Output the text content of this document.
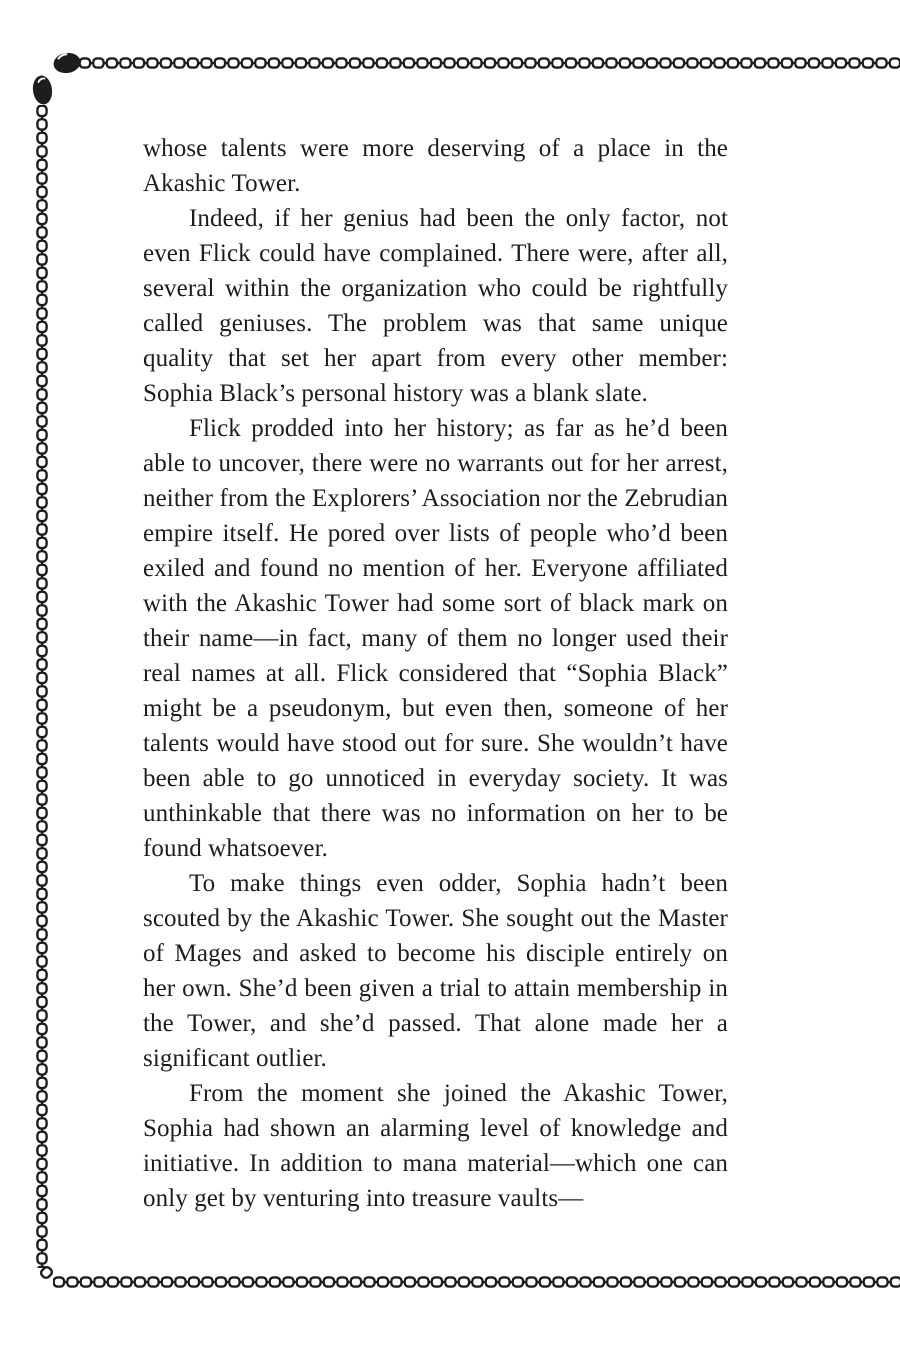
whose talents were more deserving of a place in the Akashic Tower.

Indeed, if her genius had been the only factor, not even Flick could have complained. There were, after all, several within the organization who could be rightfully called geniuses. The problem was that same unique quality that set her apart from every other member: Sophia Black’s personal history was a blank slate.

Flick prodded into her history; as far as he’d been able to uncover, there were no warrants out for her arrest, neither from the Explorers’ Association nor the Zebrudian empire itself. He pored over lists of people who’d been exiled and found no mention of her. Everyone affiliated with the Akashic Tower had some sort of black mark on their name—in fact, many of them no longer used their real names at all. Flick considered that “Sophia Black” might be a pseudonym, but even then, someone of her talents would have stood out for sure. She wouldn’t have been able to go unnoticed in everyday society. It was unthinkable that there was no information on her to be found whatsoever.

To make things even odder, Sophia hadn’t been scouted by the Akashic Tower. She sought out the Master of Mages and asked to become his disciple entirely on her own. She’d been given a trial to attain membership in the Tower, and she’d passed. That alone made her a significant outlier.

From the moment she joined the Akashic Tower, Sophia had shown an alarming level of knowledge and initiative. In addition to mana material—which one can only get by venturing into treasure vaults—
